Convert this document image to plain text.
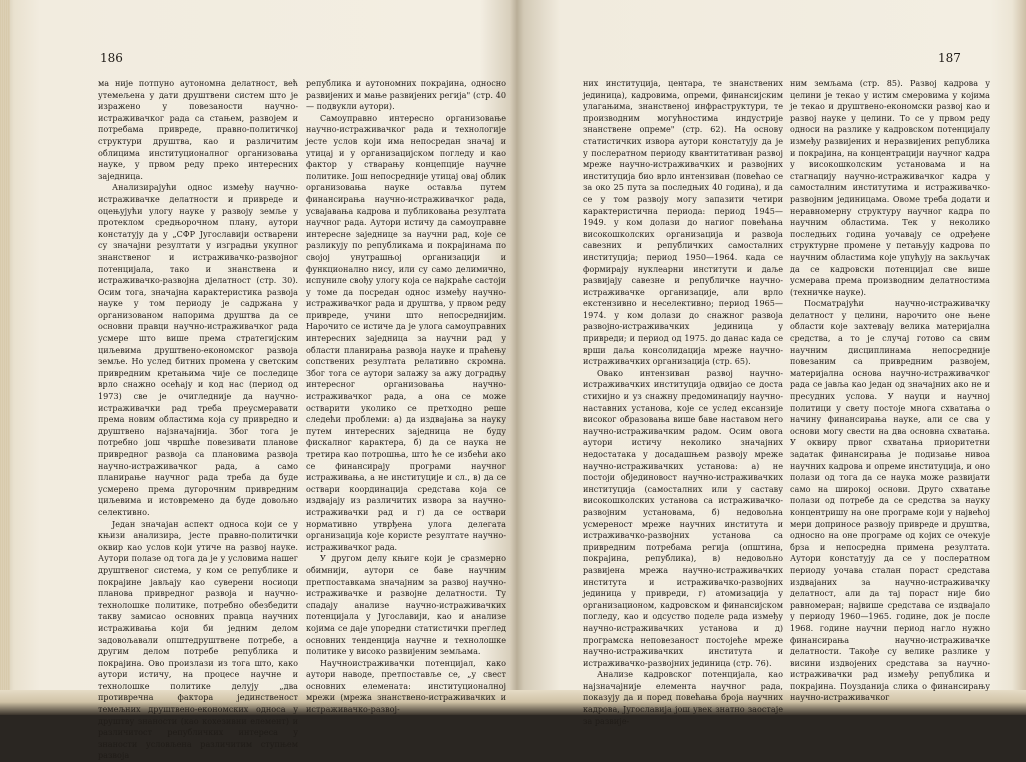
186	187

ма није потпуно аутономна делатност, већ утемељена у дати друштвени систем што је изражено у повезаности научно-истраживачког рада са стањем, развојем и потребама привреде, правно-политичкој структури друштва, као и различитим облицима институционалног организовања науке, у првом реду преко интересних заједница.

Анализирајући однос између научно-истраживачке делатности и привреде и оцењујући улогу науке у развоју земље у протеклом средњорочном плану, аутори констатују да у „СФР Југославији остварени су значајни резултати у изградњи укупног знанственог и истраживачко-развојног потенцијала, тако и знанствена и истраживачко-развојна дјелатност (стр. 30). Осим тога, значајна карактеристика развоја науке у том периоду је садржана у организованом напорима друштва да се основни правци научно-истраживачког рада усмере што више према стратегијским циљевима друштвено-економског развоја земље. Но услед битних промена у светским привредним кретањима чије се последице врло снажно осећају и код нас (период од 1973) све је очигледније да научно-истраживачки рад треба преусмеравати према новим областима која су привредно и друштвено најзначајнија. Због тога је потребно још чвршће повезивати планове привредног развоја са плановима развоја научно-истраживачког рада, а само планирање научног рада треба да буде усмерено према дугорочним привредним циљевима и истовремено да буде довољно селективно.

Један значајан аспект односа који се у књизи анализира, јесте правно-политички оквир као услов који утиче на развој науке. Аутори полазе од тога да је у условима нашег друштвеног система, у ком се републике и покрајине јављају као суверени носиоци планова привредног развоја и научно-технолошке политике, потребно обезбедити такву замисао основних правца научних истраживања који би једним делом задовољавали општедруштвене потребе, а другим делом потребе република и покрајина. Ово произлази из тога што, како аутори истичу, на процесе научне и технолошке политике делују „два противречна фактора јединственост темељних друштвено-економских односа у друштву знаности (као кохезивни елемент) и различитост републичких интереса у знаности условљена различитим ступњем развоја

република и аутономних покрајина, односно развијених и мање развијених регија" (стр. 40 — подвукли аутори).

Самоуправно интересно организовање научно-истраживачког рада и технологије јесте услов који има непосредан значај и утицај и у организацијском погледу и као фактор у стварању концепције научне политике. Још непосредније утицај овај облик организовања науке оставља путем финансирања научно-истраживачког рада, усвајавања кадрова и публиковања резултата научног рада. Аутори истичу да самоуправне интересне заједнице за научни рад, које се разликују по републикама и покрајинама по својој унутрашњој организацији и функционално нису, или су само делимично, испуниле свођу улогу која се најкраће састоји у томе да посредан однос између научно-истраживачког рада и друштва, у првом реду привреде, учини што непосреднијим. Нарочито се истиче да је улога самоуправних интересних заједница за научни рад у области планирања развоја науке и праћењу сопствених резултата релативно скромна. Због тога се аутори залажу за ажу доградњу интересног организовања научно-истраживачког рада, а она се може остварити уколико се претходно реше следећи проблеми: а) да издвајања за науку путем интересних заједница не буду фискалног карактера, б) да се наука не третира као потрошња, што ће се избећи ако се финансирају програми научног истраживања, а не институције и сл., в) да се оствари координација средстава која се издвајају из различитих извора за научно-истраживачки рад и г) да се оствари нормативно утврђена улога делегата организација које користе резултате научно-истраживачког рада.

У другом делу књиге који је сразмерно обимнији, аутори се баве научним претпоставкама значајним за развој научно-истраживачке и развојне делатности. Ту спадају анализе научно-истраживачких потенцијала у Југославији, као и анализе којима се даје упоредни статистички преглед основних тенденција научне и технолошке политике у високо развијеним земљама.

Научноистраживачки потенцијал, како аутори наводе, претпоставље се, „у свест основних елемената: институционалној мрежи (мрежа знанствено-истраживачких и истраживачко-развој-

них институција, центара, те знанствених јединица), кадровима, опреми, финансијским улагањима, знанственој инфраструктури, те производним могућностима индустрије знанствене опреме" (стр. 62). На основу статистичких извора аутори констатују да је у послератном периоду квантитативан развој мреже научно-истраживачких и развојних институција био врло интензиван (повећао се за око 25 пута за последњих 40 година), и да се у том развоју могу запазити четири карактеристична периода: период 1945—1949. у ком долази до нагиог повећања високошколских организација и развоја савезних и републичких самосталних институција; период 1950—1964. када се формирају нуклеарни институти и даље развијају савезне и републичке научно-истраживачке организације, али врло екстензивно и неселективно; период 1965—1974. у ком долази до снажног развоја развојно-истраживачких јединица у привреди; и период од 1975. до данас када се врши даља консолидација мреже научно-истраживачких организација (стр. 65).

Овако интензиван развој научно-истраживачких институција одвијао се доста стихијно и уз снажну прeдоминацију научно-наставних установа, које се услед ексанзије високог образовања више баве наставом него научно-истраживачким радом. Осим овога аутори истичу неколико значајних недостатака у досадашњем развоју мреже научно-истраживачких установа: а) не постоји објединовост научно-истраживачких институција (самосталних или у саставу високошколских установа са истраживачко-развојним установама, б) недовољна усмереност мреже научних института и истраживачко-развојних установа са привредним потребама регија (општина, покрајина, република), в) недовољно развијена мрежа научно-истраживачких института и истраживачко-развојних јединица у привреди, г) атомизација у организационом, кадровском и финансијском погледу, као и одсуство поделе рада између научно-истраживачких установа и д) програмска неповезаност постојеће мреже научно-истраживачких института и истраживачко-развојних јединица (стр. 76).

Анализе кадровског потенцијала, као најзначајније елемента научног рада, показују да и поред повећања броја научних кадрова, Југославија још увек знатно заостаје за развије-

ним земљама (стр. 85). Развој кадрова у целини је текао у истим смеровима у којима је текао и друштвено-економски развој као и развој науке у целини. То се у првом реду односи на разлике у кадровском потенцијалу између развијених и неразвијених република и покрајина, на концентрацији научног кадра у високошколским установама и на стагнацију научно-истраживачког кадра у самосталним институтима и истраживачко-развојним јединицама. Овоме треба додати и неравномерну структуру научног кадра по научним областима. Тек у неколико последњих година уочавају се одређене структурне промене у петањују кадрова по научним областима које упућују на закључак да се кадровски потенцијал све више усмерава према производним делатностима (техничке науке).

Посматрајући научно-истраживачку делатност у целини, нарочито оне њене области које захтевају велика материјална средства, а то је случај готово са свим научним дисциплинама непосредније повезаним са привредним развојем, материјална основа научно-истраживачког рада се јавља као један од значајних ако не и пресудних услова. У науци и научној политици у свету постоје многа схватања о начину финансирања науке, али се сва у основи могу свести на два основна схватања. У оквиру првог схватања приоритетни задатак финансирања је подизање нивоа научних кадрова и опреме институција, и оно полази од тога да се наука може развијати само на широкој основи. Друго схватање полази од потребе да се средства за науку концентришу на оне програме који у највећој мери доприносе развоју привреде и друштва, односно на оне програме од којих се очекује брза и непосредна примена резултата. Аутори констатују да се у послератном периоду уочава сталан пораст средстава издвајаних за научно-истраживачку делатност, али да тај пораст није био равномеран; највише средстава се издвајало у периоду 1960—1965. године, док је после 1968. године научни период нагло нужно финансирања научно-истраживачке делатности. Такође су велике разлике у висини издвојених средстава за научно-истраживачки рад између република и покрајина. Поузданија слика о финансирању научно-истраживачког
